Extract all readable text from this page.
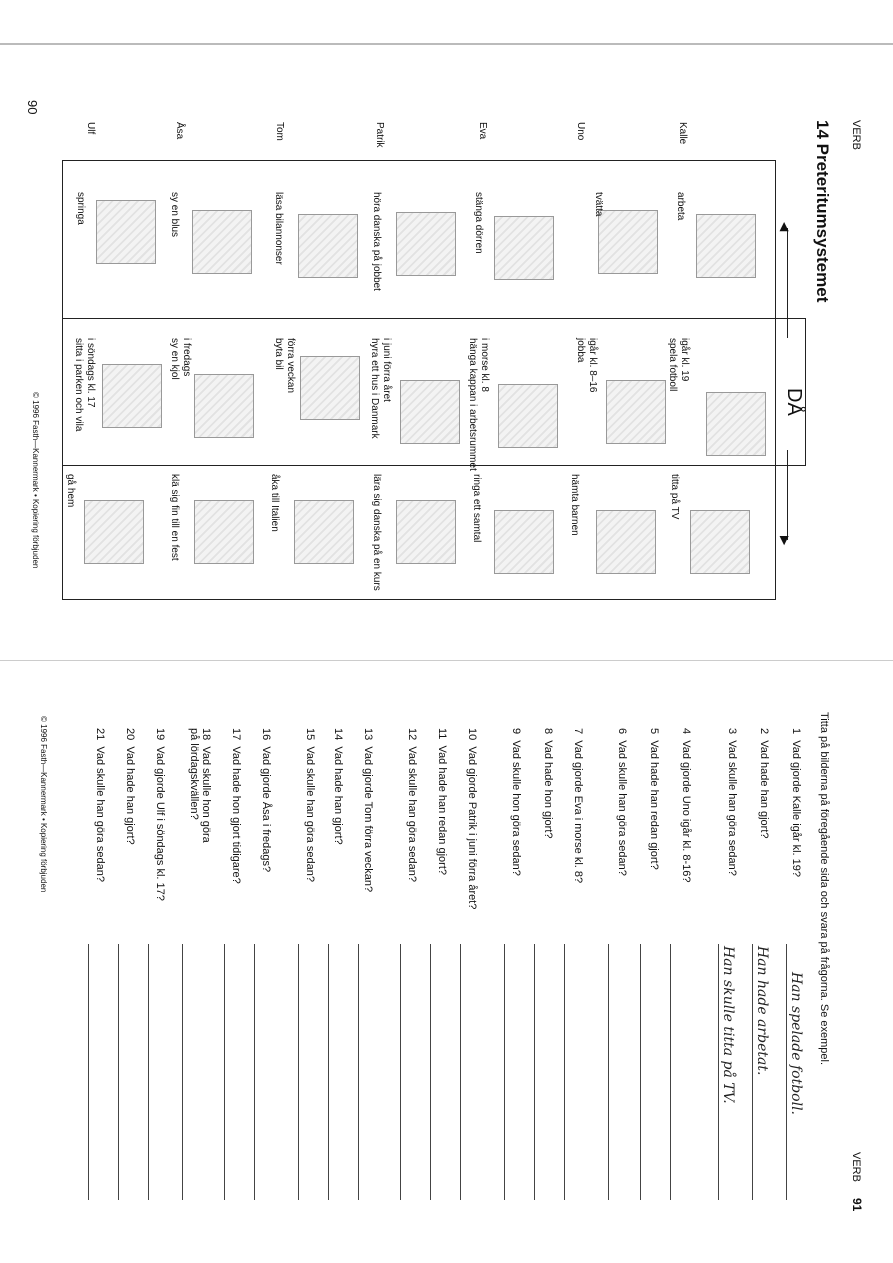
VERB
14 Preteritumsystemet
DÅ
◀
▶
Kalle
Uno
Eva
Patrik
Tom
Åsa
Ulf
arbeta
igår kl. 19
spela fotboll
titta på TV
tvätta
igår kl. 8–16
jobba
hämta barnen
stänga dörren
i morse kl. 8
hänga kappan i arbetsrummet
ringa ett samtal
höra danska på jobbet
i juni förra året
hyra ett hus i Danmark
lära sig danska på en kurs
läsa bilannonser
förra veckan
byta bil
åka till Italien
sy en blus
i fredags
sy en kjol
klä sig fin till en fest
springa
i söndags kl. 17
sitta i parken och vila
gå hem
90
© 1996 Fasth—Kannermark • Kopiering förbjuden
VERB
Titta på bilderna på föregående sida och svara på frågorna. Se exempel.
1  Vad gjorde Kalle igår kl. 19?
2  Vad hade han gjort?
3  Vad skulle han göra sedan?
4  Vad gjorde Uno igår kl. 8-16?
5  Vad hade han redan gjort?
6  Vad skulle han göra sedan?
7  Vad gjorde Eva i morse kl. 8?
8  Vad hade hon gjort?
9  Vad skulle hon göra sedan?
10  Vad gjorde Patrik i juni förra året?
11  Vad hade han redan gjort?
12  Vad skulle han göra sedan?
13  Vad gjorde Tom förra veckan?
14  Vad hade han gjort?
15  Vad skulle han göra sedan?
16  Vad gjorde Åsa i fredags?
17  Vad hade hon gjort tidigare?
18  Vad skulle hon göra på lördagskvällen?
19  Vad gjorde Ulf i söndags kl. 17?
20  Vad hade han gjort?
21  Vad skulle han göra sedan?
Han spelade fotboll.
Han hade arbetat.
Han skulle titta på TV.
91
© 1996 Fasth—Kannermark • Kopiering förbjuden
